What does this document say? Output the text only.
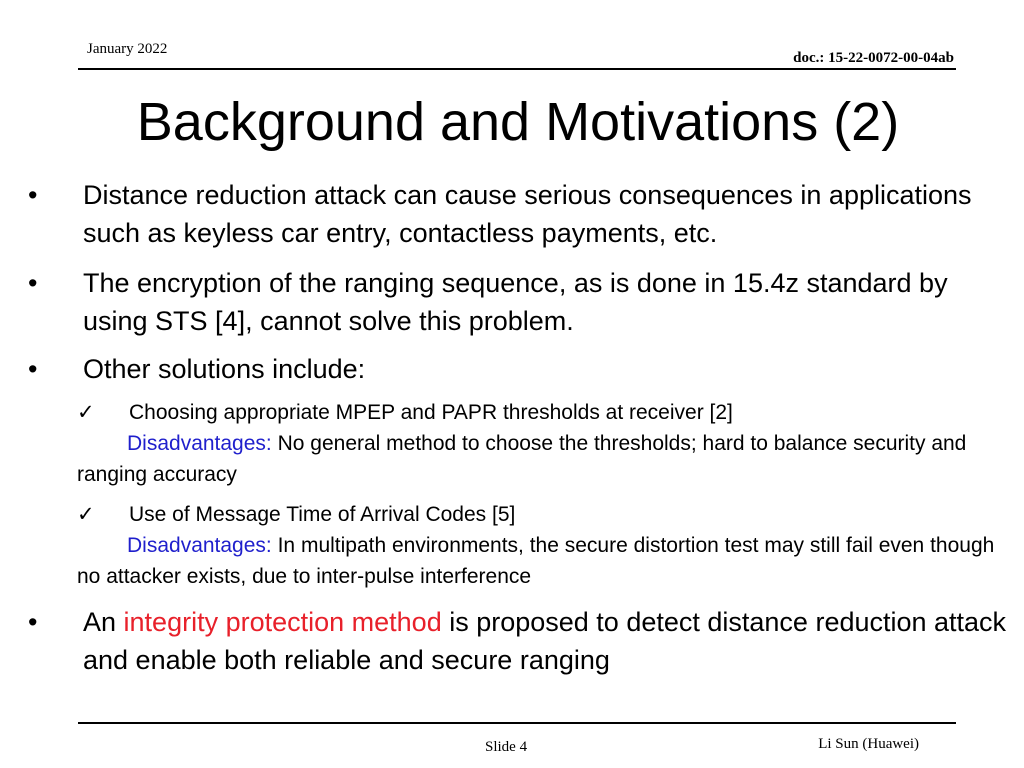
January 2022
doc.: 15-22-0072-00-04ab
Background and Motivations (2)
• Distance reduction attack can cause serious consequences in applications such as keyless car entry, contactless payments, etc.
• The encryption of the ranging sequence, as is done in 15.4z standard by using STS [4], cannot solve this problem.
• Other solutions include:
✓ Choosing appropriate MPEP and PAPR thresholds at receiver [2]
Disadvantages: No general method to choose the thresholds; hard to balance security and ranging accuracy
✓ Use of Message Time of Arrival Codes [5]
Disadvantages: In multipath environments, the secure distortion test may still fail even though no attacker exists, due to inter-pulse interference
• An integrity protection method is proposed to detect distance reduction attack and enable both reliable and secure ranging
Slide 4	Li Sun (Huawei)
